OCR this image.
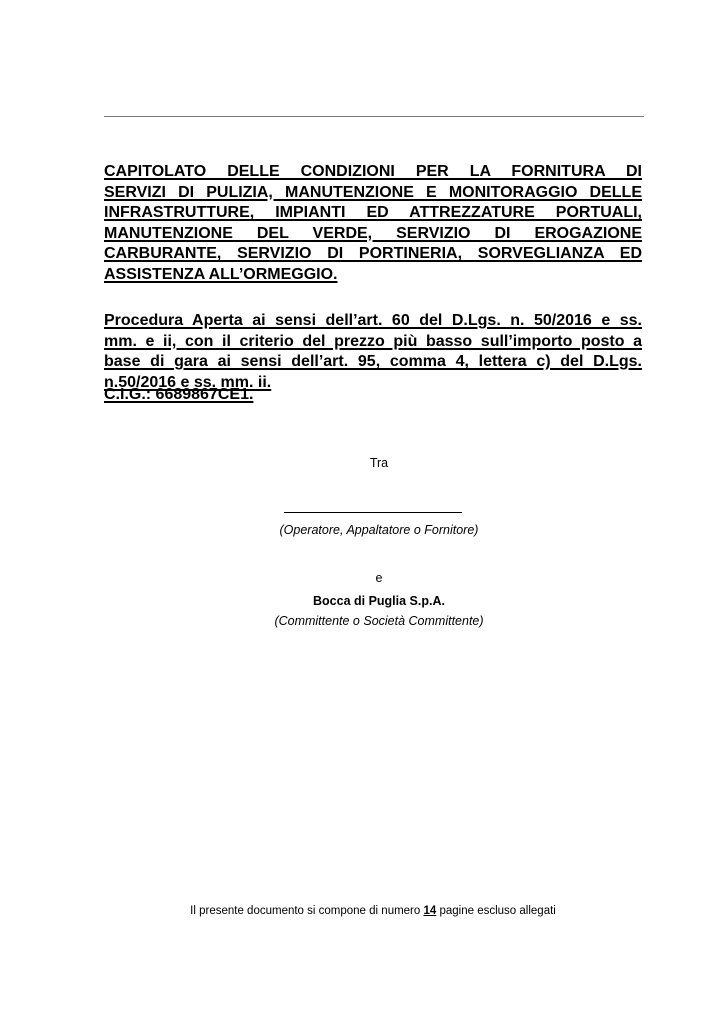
CAPITOLATO DELLE CONDIZIONI PER LA FORNITURA DI
SERVIZI DI PULIZIA, MANUTENZIONE E MONITORAGGIO DELLE
INFRASTRUTTURE, IMPIANTI ED ATTREZZATURE PORTUALI,
MANUTENZIONE DEL VERDE, SERVIZIO DI EROGAZIONE
CARBURANTE, SERVIZIO DI PORTINERIA, SORVEGLIANZA ED
ASSISTENZA ALL’ORMEGGIO.
Procedura Aperta ai sensi dell’art. 60 del D.Lgs. n. 50/2016 e ss.
mm. e ii, con il criterio del prezzo più basso sull’importo posto a
base di gara ai sensi dell’art. 95, comma 4, lettera c) del D.Lgs.
n.50/2016 e ss. mm. ii.
C.I.G.: 6689867CE1.
Tra
(Operatore, Appaltatore o Fornitore)
e
Bocca di Puglia S.p.A.
(Committente o Società Committente)
Il presente documento si compone di numero 14 pagine escluso allegati
